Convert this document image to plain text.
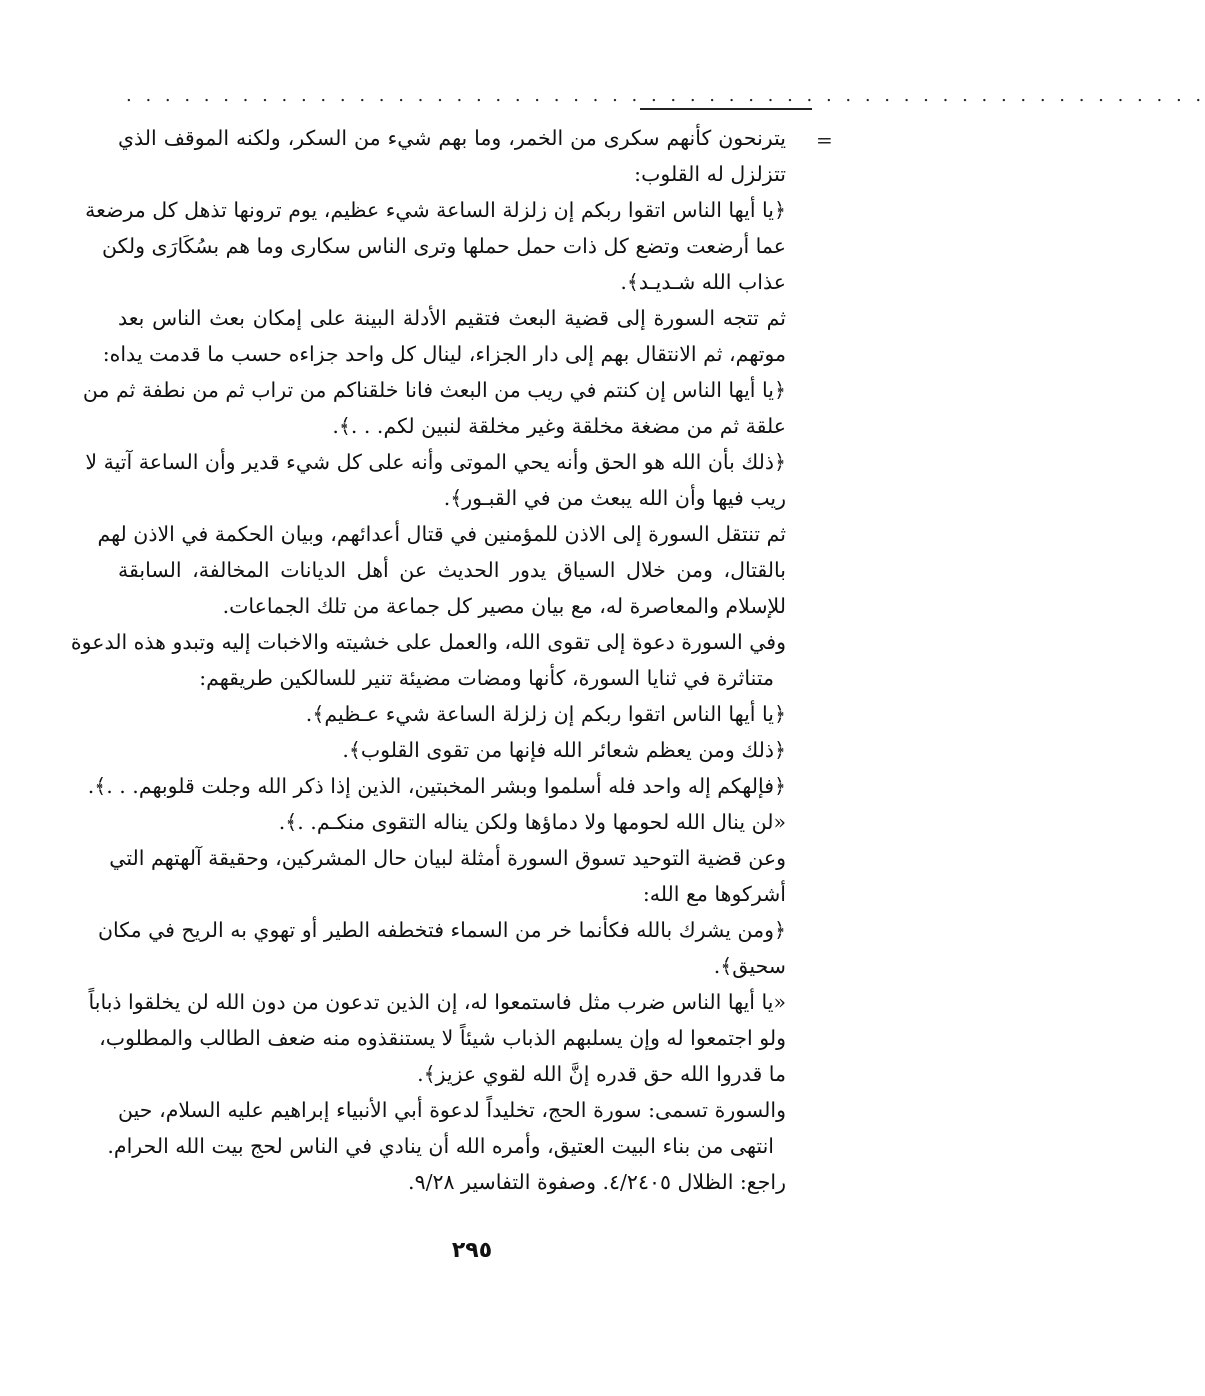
. . . . . . . . . . . . . . . . . . . . . . . . . . . . . . . . . . . . . . . . . . . . . . . . . . . . . . . .
=
يترنحون كأنهم سكرى من الخمر، وما بهم شيء من السكر، ولكنه الموقف الذي
تتزلزل له القلوب:
﴿يا أيها الناس اتقوا ربكم إن زلزلة الساعة شيء عظيم، يوم ترونها تذهل كل مرضعة
عما أرضعت وتضع كل ذات حمل حملها وترى الناس سكارى وما هم بسُكَارَى ولكن
عذاب الله شـديـد﴾.
ثم تتجه السورة إلى قضية البعث فتقيم الأدلة البينة على إمكان بعث الناس بعد
موتهم، ثم الانتقال بهم إلى دار الجزاء، لينال كل واحد جزاءه حسب ما قدمت يداه:
﴿يا أيها الناس إن كنتم في ريب من البعث فانا خلقناكم من تراب ثم من نطفة ثم من
علقة ثم من مضغة مخلقة وغير مخلقة لنبين لكم. . .﴾.
﴿ذلك بأن الله هو الحق وأنه يحي الموتى وأنه على كل شيء قدير وأن الساعة آتية لا
ريب فيها وأن الله يبعث من في القبـور﴾.
ثم تنتقل السورة إلى الاذن للمؤمنين في قتال أعدائهم، وبيان الحكمة في الاذن لهم
بالقتال، ومن خلال السياق يدور الحديث عن أهل الديانات المخالفة، السابقة
للإسلام والمعاصرة له، مع بيان مصير كل جماعة من تلك الجماعات.
وفي السورة دعوة إلى تقوى الله، والعمل على خشيته والاخبات إليه وتبدو هذه الدعوة
متناثرة في ثنايا السورة، كأنها ومضات مضيئة تنير للسالكين طريقهم:
﴿يا أيها الناس اتقوا ربكم إن زلزلة الساعة شيء عـظيم﴾.
﴿ذلك ومن يعظم شعائر الله فإنها من تقوى القلوب﴾.
﴿فإلهكم إله واحد فله أسلموا وبشر المخبتين، الذين إذا ذكر الله وجلت قلوبهم. . .﴾.
«لن ينال الله لحومها ولا دماؤها ولكن يناله التقوى منكـم. .﴾.
وعن قضية التوحيد تسوق السورة أمثلة لبيان حال المشركين، وحقيقة آلهتهم التي
أشركوها مع الله:
﴿ومن يشرك بالله فكأنما خر من السماء فتخطفه الطير أو تهوي به الريح في مكان
سحيق﴾.
«يا أيها الناس ضرب مثل فاستمعوا له، إن الذين تدعون من دون الله لن يخلقوا ذباباً
ولو اجتمعوا له وإن يسلبهم الذباب شيئاً لا يستنقذوه منه ضعف الطالب والمطلوب،
ما قدروا الله حق قدره إنَّ الله لقوي عزيز﴾.
والسورة تسمى: سورة الحج، تخليداً لدعوة أبي الأنبياء إبراهيم عليه السلام، حين
انتهى من بناء البيت العتيق، وأمره الله أن ينادي في الناس لحج بيت الله الحرام.
راجع: الظلال ٤/٢٤٠٥. وصفوة التفاسير ٩/٢٨.
٢٩٥
